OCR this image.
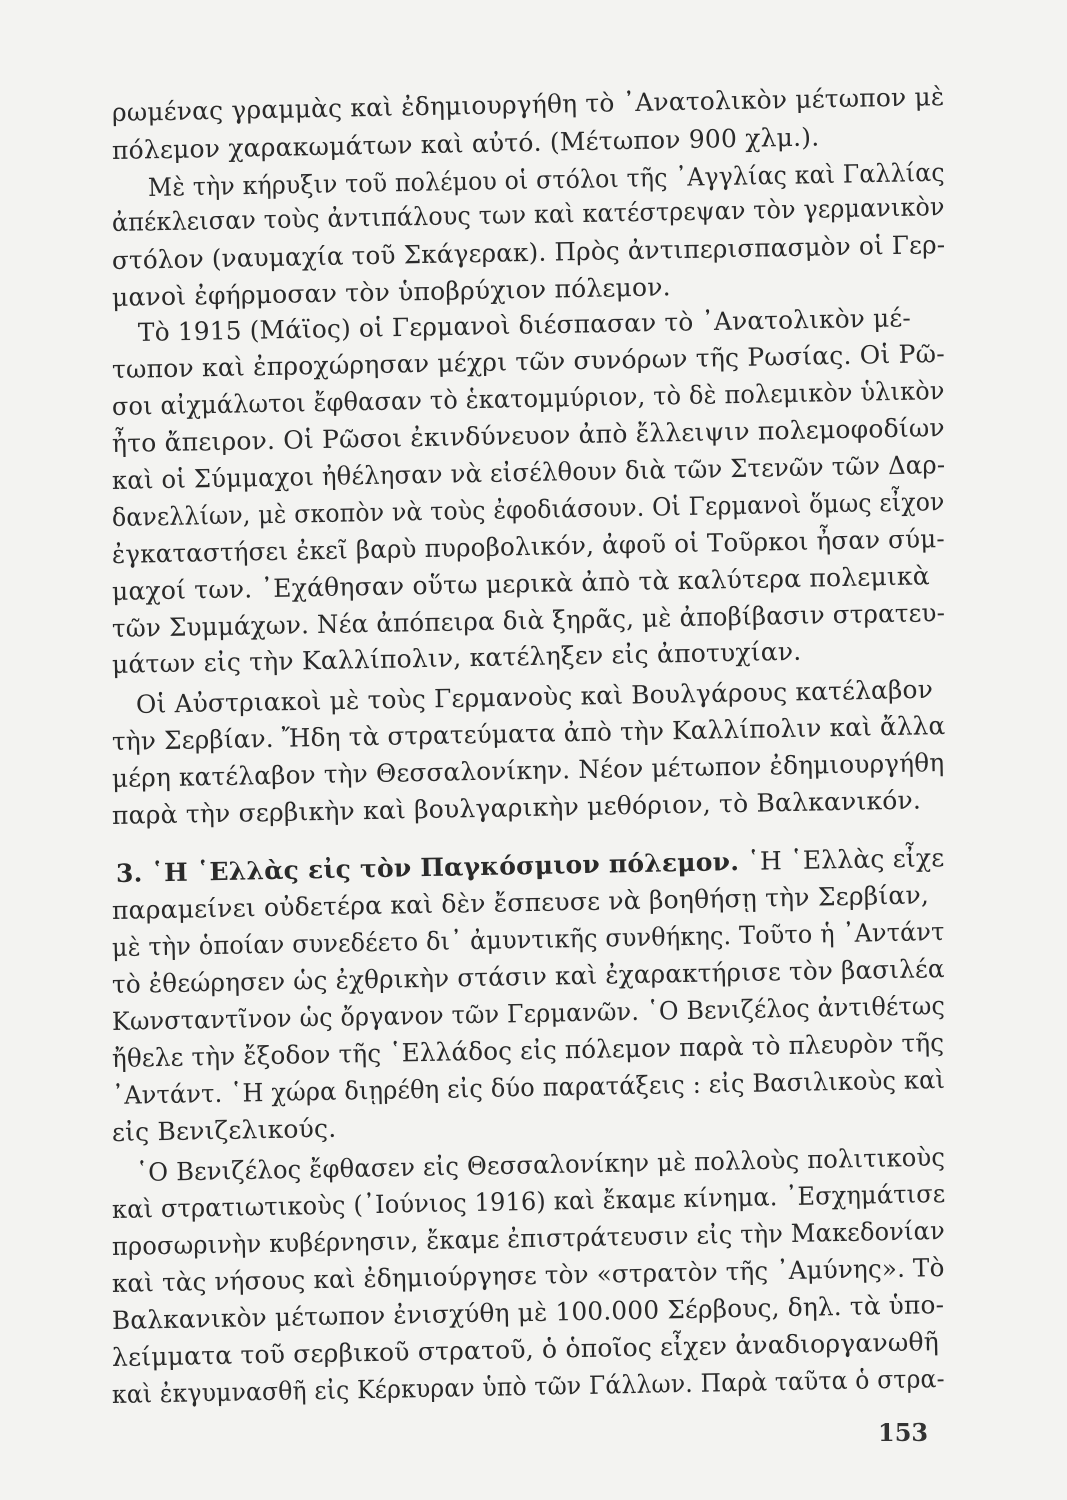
ρωμένας γραμμὰς καὶ ἐδημιουργήθη τὸ ᾽Ανατολικὸν μέτωπον μὲ
πόλεμον χαρακωμάτων καὶ αὐτό. (Μέτωπον 900 χλμ.).
Μὲ τὴν κήρυξιν τοῦ πολέμου οἱ στόλοι τῆς ᾽Αγγλίας καὶ Γαλλίας
ἀπέκλεισαν τοὺς ἀντιπάλους των καὶ κατέστρεψαν τὸν γερμανικὸν
στόλον (ναυμαχία τοῦ Σκάγερακ). Πρὸς ἀντιπερισπασμὸν οἱ Γερ-
μανοὶ ἐφήρμοσαν τὸν ὑποβρύχιον πόλεμον.
Τὸ 1915 (Μάϊος) οἱ Γερμανοὶ διέσπασαν τὸ ᾽Ανατολικὸν μέ-
τωπον καὶ ἐπροχώρησαν μέχρι τῶν συνόρων τῆς Ρωσίας. Οἱ Ρῶ-
σοι αἰχμάλωτοι ἔφθασαν τὸ ἑκατομμύριον, τὸ δὲ πολεμικὸν ὑλικὸν
ἦτο ἄπειρον. Οἱ Ρῶσοι ἐκινδύνευον ἀπὸ ἔλλειψιν πολεμοφοδίων
καὶ οἱ Σύμμαχοι ἠθέλησαν νὰ εἰσέλθουν διὰ τῶν Στενῶν τῶν Δαρ-
δανελλίων, μὲ σκοπὸν νὰ τοὺς ἐφοδιάσουν. Οἱ Γερμανοὶ ὅμως εἶχον
ἐγκαταστήσει ἐκεῖ βαρὺ πυροβολικόν, ἀφοῦ οἱ Τοῦρκοι ἦσαν σύμ-
μαχοί των. ᾽Εχάθησαν οὕτω μερικὰ ἀπὸ τὰ καλύτερα πολεμικὰ
τῶν Συμμάχων. Νέα ἀπόπειρα διὰ ξηρᾶς, μὲ ἀποβίβασιν στρατευ-
μάτων εἰς τὴν Καλλίπολιν, κατέληξεν εἰς ἀποτυχίαν.
Οἱ Αὐστριακοὶ μὲ τοὺς Γερμανοὺς καὶ Βουλγάρους κατέλαβον
τὴν Σερβίαν. Ἤδη τὰ στρατεύματα ἀπὸ τὴν Καλλίπολιν καὶ ἄλλα
μέρη κατέλαβον τὴν Θεσσαλονίκην. Νέον μέτωπον ἐδημιουργήθη
παρὰ τὴν σερβικὴν καὶ βουλγαρικὴν μεθόριον, τὸ Βαλκανικόν.
3. ῾Η ῾Ελλὰς εἰς τὸν Παγκόσμιον πόλεμον. ῾Η ῾Ελλὰς εἶχε
παραμείνει οὐδετέρα καὶ δὲν ἔσπευσε νὰ βοηθήσῃ τὴν Σερβίαν,
μὲ τὴν ὁποίαν συνεδέετο δι᾽ ἀμυντικῆς συνθήκης. Τοῦτο ἡ ᾽Αντάντ
τὸ ἐθεώρησεν ὡς ἐχθρικὴν στάσιν καὶ ἐχαρακτήρισε τὸν βασιλέα
Κωνσταντῖνον ὡς ὄργανον τῶν Γερμανῶν. ῾Ο Βενιζέλος ἀντιθέτως
ἤθελε τὴν ἔξοδον τῆς ῾Ελλάδος εἰς πόλεμον παρὰ τὸ πλευρὸν τῆς
᾽Αντάντ. ῾Η χώρα διῃρέθη εἰς δύο παρατάξεις : εἰς Βασιλικοὺς καὶ
εἰς Βενιζελικούς.
῾Ο Βενιζέλος ἔφθασεν εἰς Θεσσαλονίκην μὲ πολλοὺς πολιτικοὺς
καὶ στρατιωτικοὺς (᾽Ιούνιος 1916) καὶ ἔκαμε κίνημα. ᾽Εσχημάτισε
προσωρινὴν κυβέρνησιν, ἔκαμε ἐπιστράτευσιν εἰς τὴν Μακεδονίαν
καὶ τὰς νήσους καὶ ἐδημιούργησε τὸν «στρατὸν τῆς ᾽Αμύνης». Τὸ
Βαλκανικὸν μέτωπον ἐνισχύθη μὲ 100.000 Σέρβους, δηλ. τὰ ὑπο-
λείμματα τοῦ σερβικοῦ στρατοῦ, ὁ ὁποῖος εἶχεν ἀναδιοργανωθῆ
καὶ ἐκγυμνασθῆ εἰς Κέρκυραν ὑπὸ τῶν Γάλλων. Παρὰ ταῦτα ὁ στρα-
153
